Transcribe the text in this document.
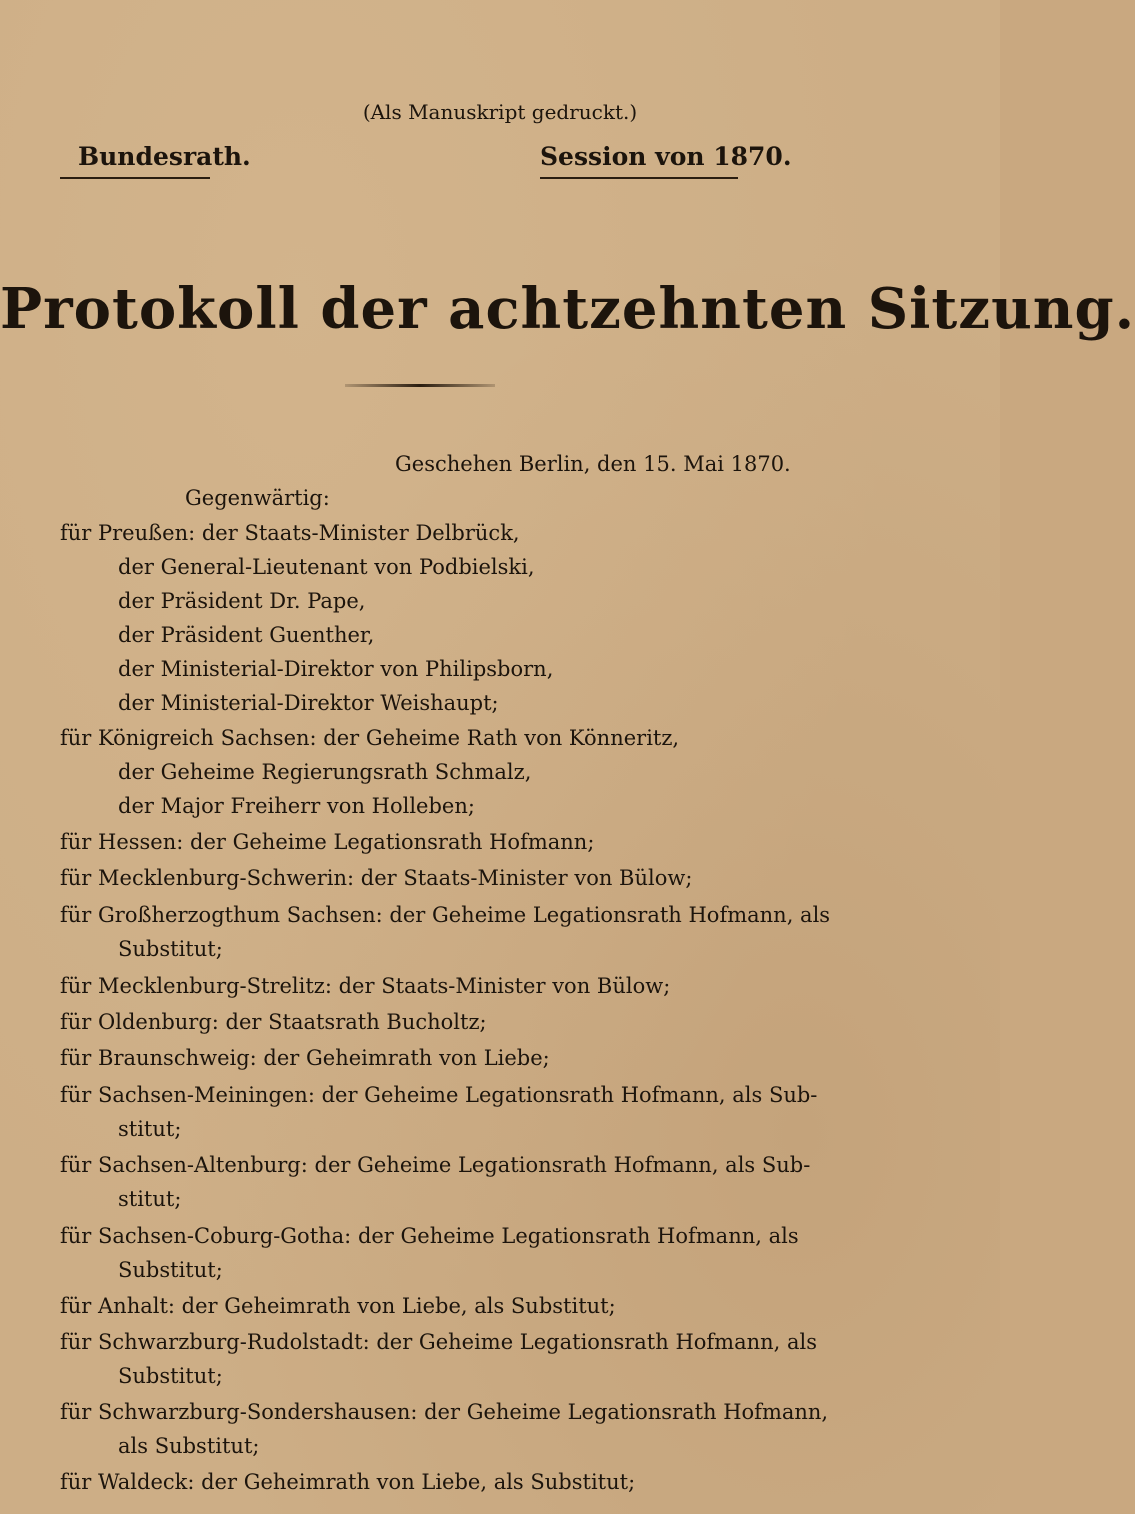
(Als Manuskript gedruckt.)
Bundesrath.	Session von 1870.
Protokoll der achtzehnten Sitzung.
Geschehen Berlin, den 15. Mai 1870.
Gegenwärtig:
für Preußen: der Staats-Minister Delbrück,
der General-Lieutenant von Podbielski,
der Präsident Dr. Pape,
der Präsident Guenther,
der Ministerial-Direktor von Philipsborn,
der Ministerial-Direktor Weishaupt;
für Königreich Sachsen: der Geheime Rath von Könneritz,
der Geheime Regierungsrath Schmalz,
der Major Freiherr von Holleben;
für Hessen: der Geheime Legationsrath Hofmann;
für Mecklenburg-Schwerin: der Staats-Minister von Bülow;
für Großherzogthum Sachsen: der Geheime Legationsrath Hofmann, als
Substitut;
für Mecklenburg-Strelitz: der Staats-Minister von Bülow;
für Oldenburg: der Staatsrath Bucholtz;
für Braunschweig: der Geheimrath von Liebe;
für Sachsen-Meiningen: der Geheime Legationsrath Hofmann, als Sub-
stitut;
für Sachsen-Altenburg: der Geheime Legationsrath Hofmann, als Sub-
stitut;
für Sachsen-Coburg-Gotha: der Geheime Legationsrath Hofmann, als
Substitut;
für Anhalt: der Geheimrath von Liebe, als Substitut;
für Schwarzburg-Rudolstadt: der Geheime Legationsrath Hofmann, als
Substitut;
für Schwarzburg-Sondershausen: der Geheime Legationsrath Hofmann,
als Substitut;
für Waldeck: der Geheimrath von Liebe, als Substitut;
